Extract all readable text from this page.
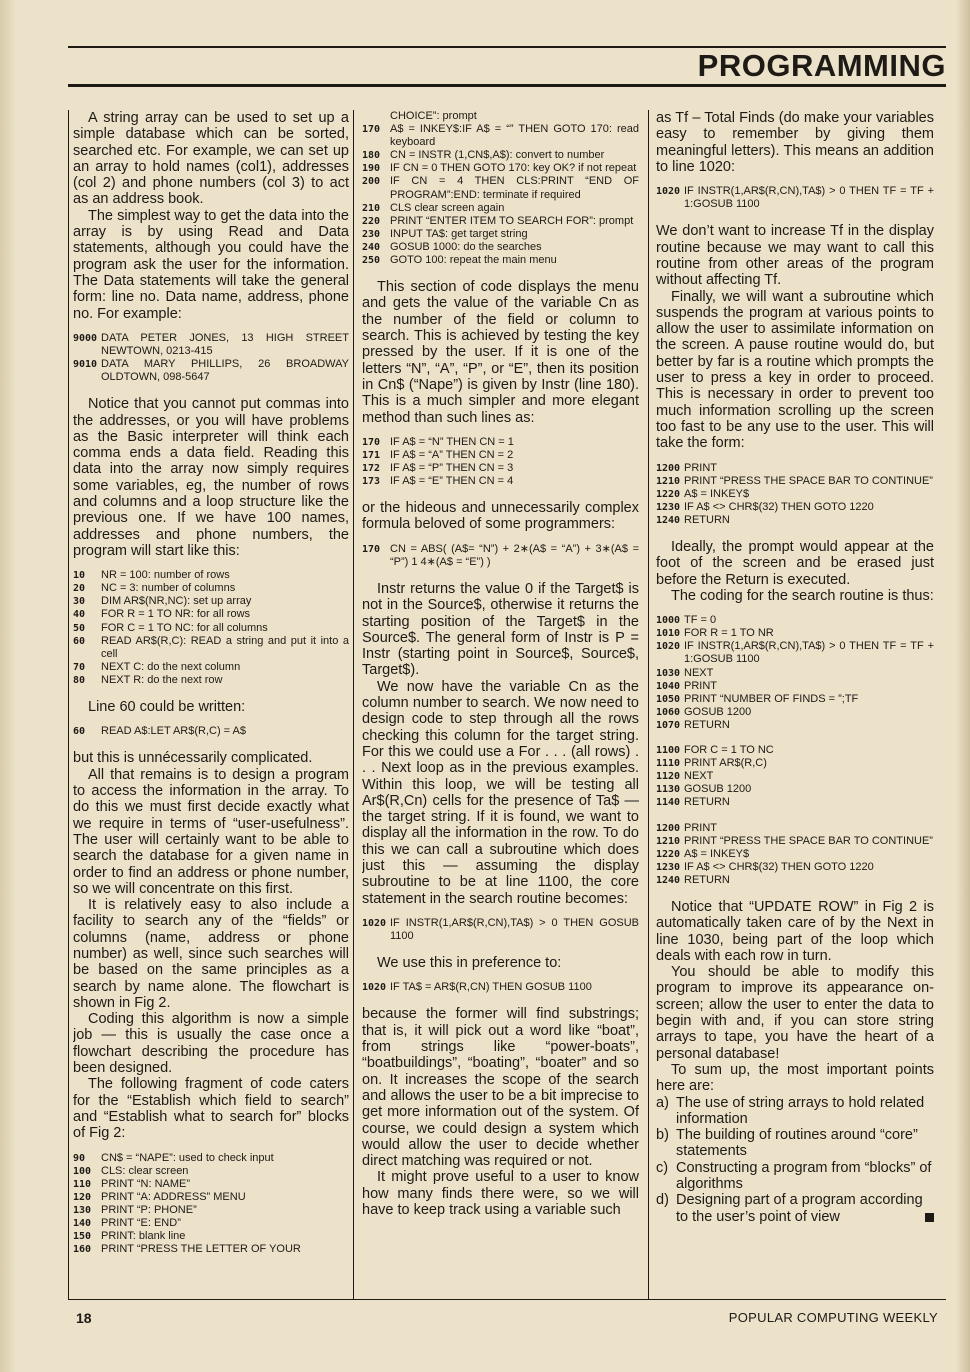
PROGRAMMING

A string array can be used to set up a simple database which can be sorted, searched etc. For example, we can set up an array to hold names (col1), addresses (col 2) and phone numbers (col 3) to act as an address book.

The simplest way to get the data into the array is by using Read and Data statements, although you could have the program ask the user for the information. The Data statements will take the general form: line no. Data name, address, phone no. For example:

9000 DATA PETER JONES, 13 HIGH STREET NEWTOWN, 0213-415
9010 DATA MARY PHILLIPS, 26 BROADWAY OLDTOWN, 098-5647

Notice that you cannot put commas into the addresses, or you will have problems as the Basic interpreter will think each comma ends a data field. Reading this data into the array now simply requires some variables, eg, the number of rows and columns and a loop structure like the previous one. If we have 100 names, addresses and phone numbers, the program will start like this:

10	NR = 100: number of rows
20	NC = 3: number of columns
30	DIM AR$(NR,NC): set up array
40	FOR R = 1 TO NR: for all rows
50	FOR C = 1 TO NC: for all columns
60	READ AR$(R,C): READ a string and put it into a cell
70	NEXT C: do the next column
80	NEXT R: do the next row

Line 60 could be written:

60	READ A$:LET AR$(R,C) = A$

but this is unnécessarily complicated.

All that remains is to design a program to access the information in the array. To do this we must first decide exactly what we require in terms of “user-usefulness”. The user will certainly want to be able to search the database for a given name in order to find an address or phone number, so we will concentrate on this first.

It is relatively easy to also include a facility to search any of the “fields” or columns (name, address or phone number) as well, since such searches will be based on the same principles as a search by name alone. The flowchart is shown in Fig 2.

Coding this algorithm is now a simple job — this is usually the case once a flowchart describing the procedure has been designed.

The following fragment of code caters for the “Establish which field to search” and “Establish what to search for” blocks of Fig 2:

90	CN$ = “NAPE”: used to check input
100 CLS: clear screen
110 PRINT “N: NAME”
120 PRINT “A: ADDRESS” MENU
130 PRINT “P: PHONE”
140 PRINT “E: END”
150 PRINT: blank line
160 PRINT “PRESS THE LETTER OF YOUR
CHOICE”: prompt
170 A$ = INKEY$:IF A$ = “” THEN GOTO 170: read keyboard
180 CN = INSTR (1,CN$,A$): convert to number
190 IF CN = 0 THEN GOTO 170: key OK? if not repeat
200 IF CN = 4 THEN CLS:PRINT “END OF PROGRAM”:END: terminate if required
210 CLS clear screen again
220 PRINT “ENTER ITEM TO SEARCH FOR”: prompt
230 INPUT TA$: get target string
240 GOSUB 1000: do the searches
250 GOTO 100: repeat the main menu

This section of code displays the menu and gets the value of the variable Cn as the number of the field or column to search. This is achieved by testing the key pressed by the user. If it is one of the letters “N”, “A”, “P”, or “E”, then its position in Cn$ (“Nape”) is given by Instr (line 180). This is a much simpler and more elegant method than such lines as:

170 IF A$ = “N” THEN CN = 1
171 IF A$ = “A” THEN CN = 2
172 IF A$ = “P” THEN CN = 3
173 IF A$ = “E” THEN CN = 4

or the hideous and unnecessarily complex formula beloved of some programmers:

170 CN = ABS( (A$= “N”) + 2∗(A$ = “A”) + 3∗(A$ = “P”) 1 4∗(A$ = “E”) )

Instr returns the value 0 if the Target$ is not in the Source$, otherwise it returns the starting position of the Target$ in the Source$. The general form of Instr is P = Instr (starting point in Source$, Source$, Target$).

We now have the variable Cn as the column number to search. We now need to design code to step through all the rows checking this column for the target string. For this we could use a For . . . (all rows) . . . Next loop as in the previous examples. Within this loop, we will be testing all Ar$(R,Cn) cells for the presence of Ta$ — the target string. If it is found, we want to display all the information in the row. To do this we can call a subroutine which does just this — assuming the display subroutine to be at line 1100, the core statement in the search routine becomes:

1020 IF INSTR(1,AR$(R,CN),TA$) > 0 THEN GOSUB 1100

We use this in preference to:

1020 IF TA$ = AR$(R,CN) THEN GOSUB 1100

because the former will find substrings; that is, it will pick out a word like “boat”, from strings like “power-boats”, “boatbuildings”, “boating”, “boater” and so on. It increases the scope of the search and allows the user to be a bit imprecise to get more information out of the system. Of course, we could design a system which would allow the user to decide whether direct matching was required or not.

It might prove useful to a user to know how many finds there were, so we will have to keep track using a variable such

as Tf – Total Finds (do make your variables easy to remember by giving them meaningful letters). This means an addition to line 1020:

1020 IF INSTR(1,AR$(R,CN),TA$) > 0 THEN TF = TF + 1:GOSUB 1100

We don’t want to increase Tf in the display routine because we may want to call this routine from other areas of the program without affecting Tf.

Finally, we will want a subroutine which suspends the program at various points to allow the user to assimilate information on the screen. A pause routine would do, but better by far is a routine which prompts the user to press a key in order to proceed. This is necessary in order to prevent too much information scrolling up the screen too fast to be any use to the user. This will take the form:

1200 PRINT
1210 PRINT “PRESS THE SPACE BAR TO CONTINUE”
1220 A$ = INKEY$
1230 IF A$ <> CHR$(32) THEN GOTO 1220
1240 RETURN

Ideally, the prompt would appear at the foot of the screen and be erased just before the Return is executed.

The coding for the search routine is thus:

1000 TF = 0
1010 FOR R = 1 TO NR
1020 IF INSTR(1,AR$(R,CN),TA$) > 0 THEN TF = TF + 1:GOSUB 1100
1030 NEXT
1040 PRINT
1050 PRINT “NUMBER OF FINDS = ”;TF
1060 GOSUB 1200
1070 RETURN
1100 FOR C = 1 TO NC
1110 PRINT AR$(R,C)
1120 NEXT
1130 GOSUB 1200
1140 RETURN
1200 PRINT
1210 PRINT “PRESS THE SPACE BAR TO CONTINUE”
1220 A$ = INKEY$
1230 IF A$ <> CHR$(32) THEN GOTO 1220
1240 RETURN

Notice that “UPDATE ROW” in Fig 2 is automatically taken care of by the Next in line 1030, being part of the loop which deals with each row in turn.

You should be able to modify this program to improve its appearance on-screen; allow the user to enter the data to begin with and, if you can store string arrays to tape, you have the heart of a personal database!

To sum up, the most important points here are:

a) The use of string arrays to hold related information
b) The building of routines around “core” statements
c) Constructing a program from “blocks” of algorithms
d) Designing part of a program according to the user’s point of view
18	POPULAR COMPUTING WEEKLY
